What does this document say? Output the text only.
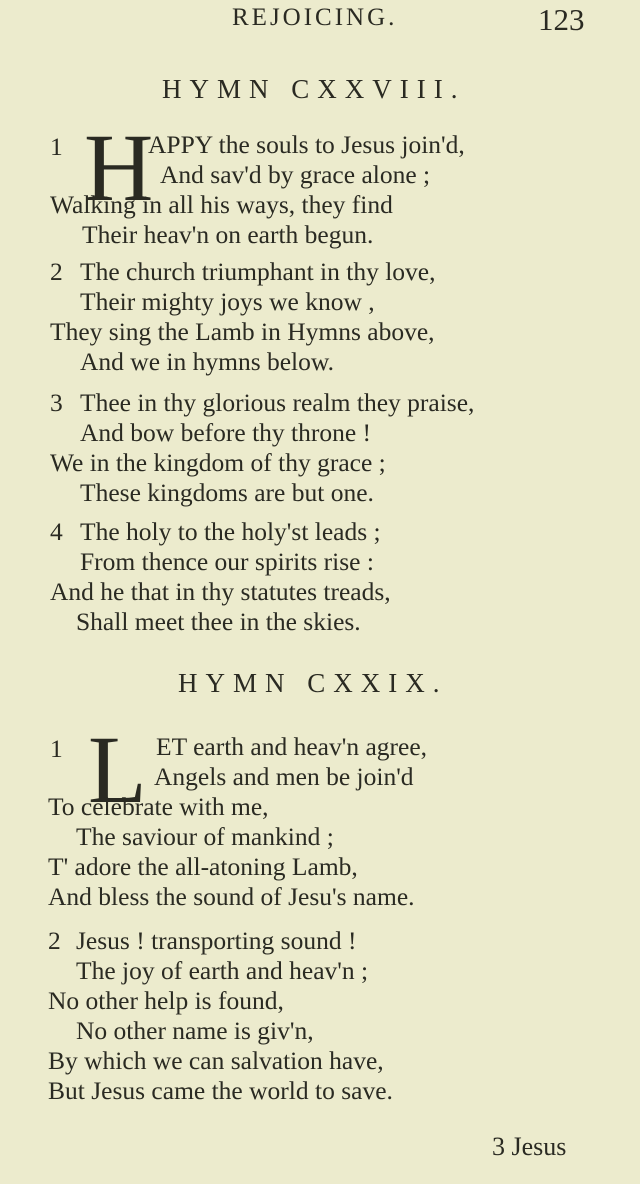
REJOICING.	123
HYMN CXXVIII.
1 H
APPY the souls to Jesus join'd,
And sav'd by grace alone ;
Walking in all his ways, they find
Their heav'n on earth begun.
2 The church triumphant in thy love,
Their mighty joys we know ,
They sing the Lamb in Hymns above,
And we in hymns below.
3 Thee in thy glorious realm they praise,
And bow before thy throne !
We in the kingdom of thy grace ;
These kingdoms are but one.
4 The holy to the holy'st leads ;
From thence our spirits rise :
And he that in thy statutes treads,
Shall meet thee in the skies.
HYMN CXXIX.
1 L ET earth and heav'n agree,
Angels and men be join'd
To celebrate with me,
The saviour of mankind ;
T' adore the all-atoning Lamb,
And bless the sound of Jesu's name.
2 Jesus ! transporting sound !
The joy of earth and heav'n ;
No other help is found,
No other name is giv'n,
By which we can salvation have,
But Jesus came the world to save.
3 Jesus
